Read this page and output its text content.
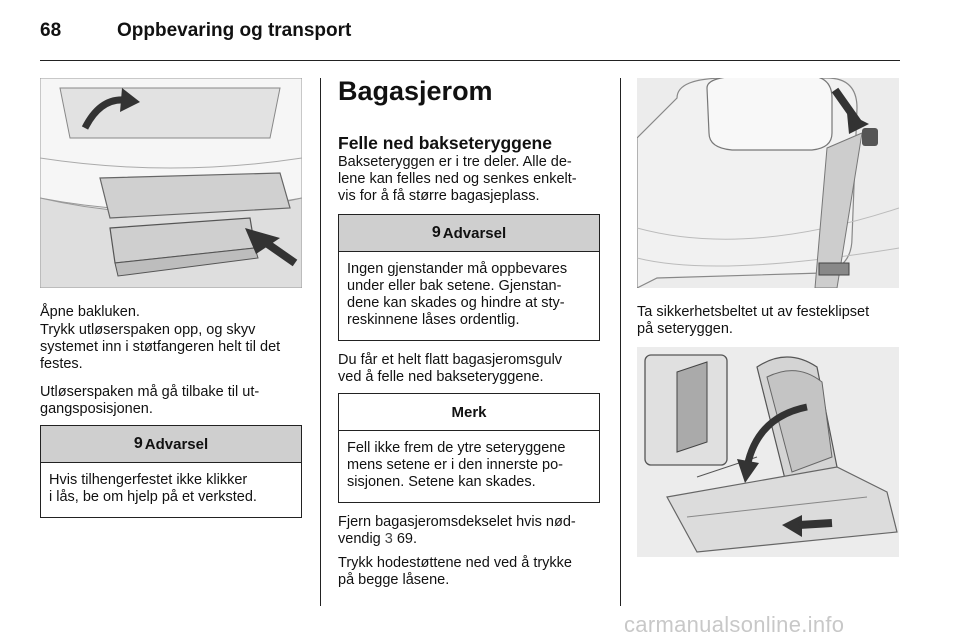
68	Oppbevaring og transport

Åpne bakluken.

Trykk utløserspaken opp, og skyv

systemet inn i støtfangeren helt til det

festes.

Utløserspaken må gå tilbake til ut-

gangsposisjonen.

9 Advarsel
Hvis tilhengerfestet ikke klikker
i lås, be om hjelp på et verksted.
Bagasjerom
Felle ned bakseteryggene

Bakseteryggen er i tre deler. Alle de-

lene kan felles ned og senkes enkelt-

vis for å få større bagasjeplass.

9 Advarsel
Ingen gjenstander må oppbevares
under eller bak setene. Gjenstan-
dene kan skades og hindre at sty-
reskinnene låses ordentlig.

Du får et helt flatt bagasjeromsgulv

ved å felle ned bakseteryggene.

Merk
Fell ikke frem de ytre seteryggene
mens setene er i den innerste po-
sisjonen. Setene kan skades.

Fjern bagasjeromsdekselet hvis nød-

vendig 3 69.

Trykk hodestøttene ned ved å trykke

på begge låsene.

Ta sikkerhetsbeltet ut av festeklipset

på seteryggen.

carmanualsonline.info
